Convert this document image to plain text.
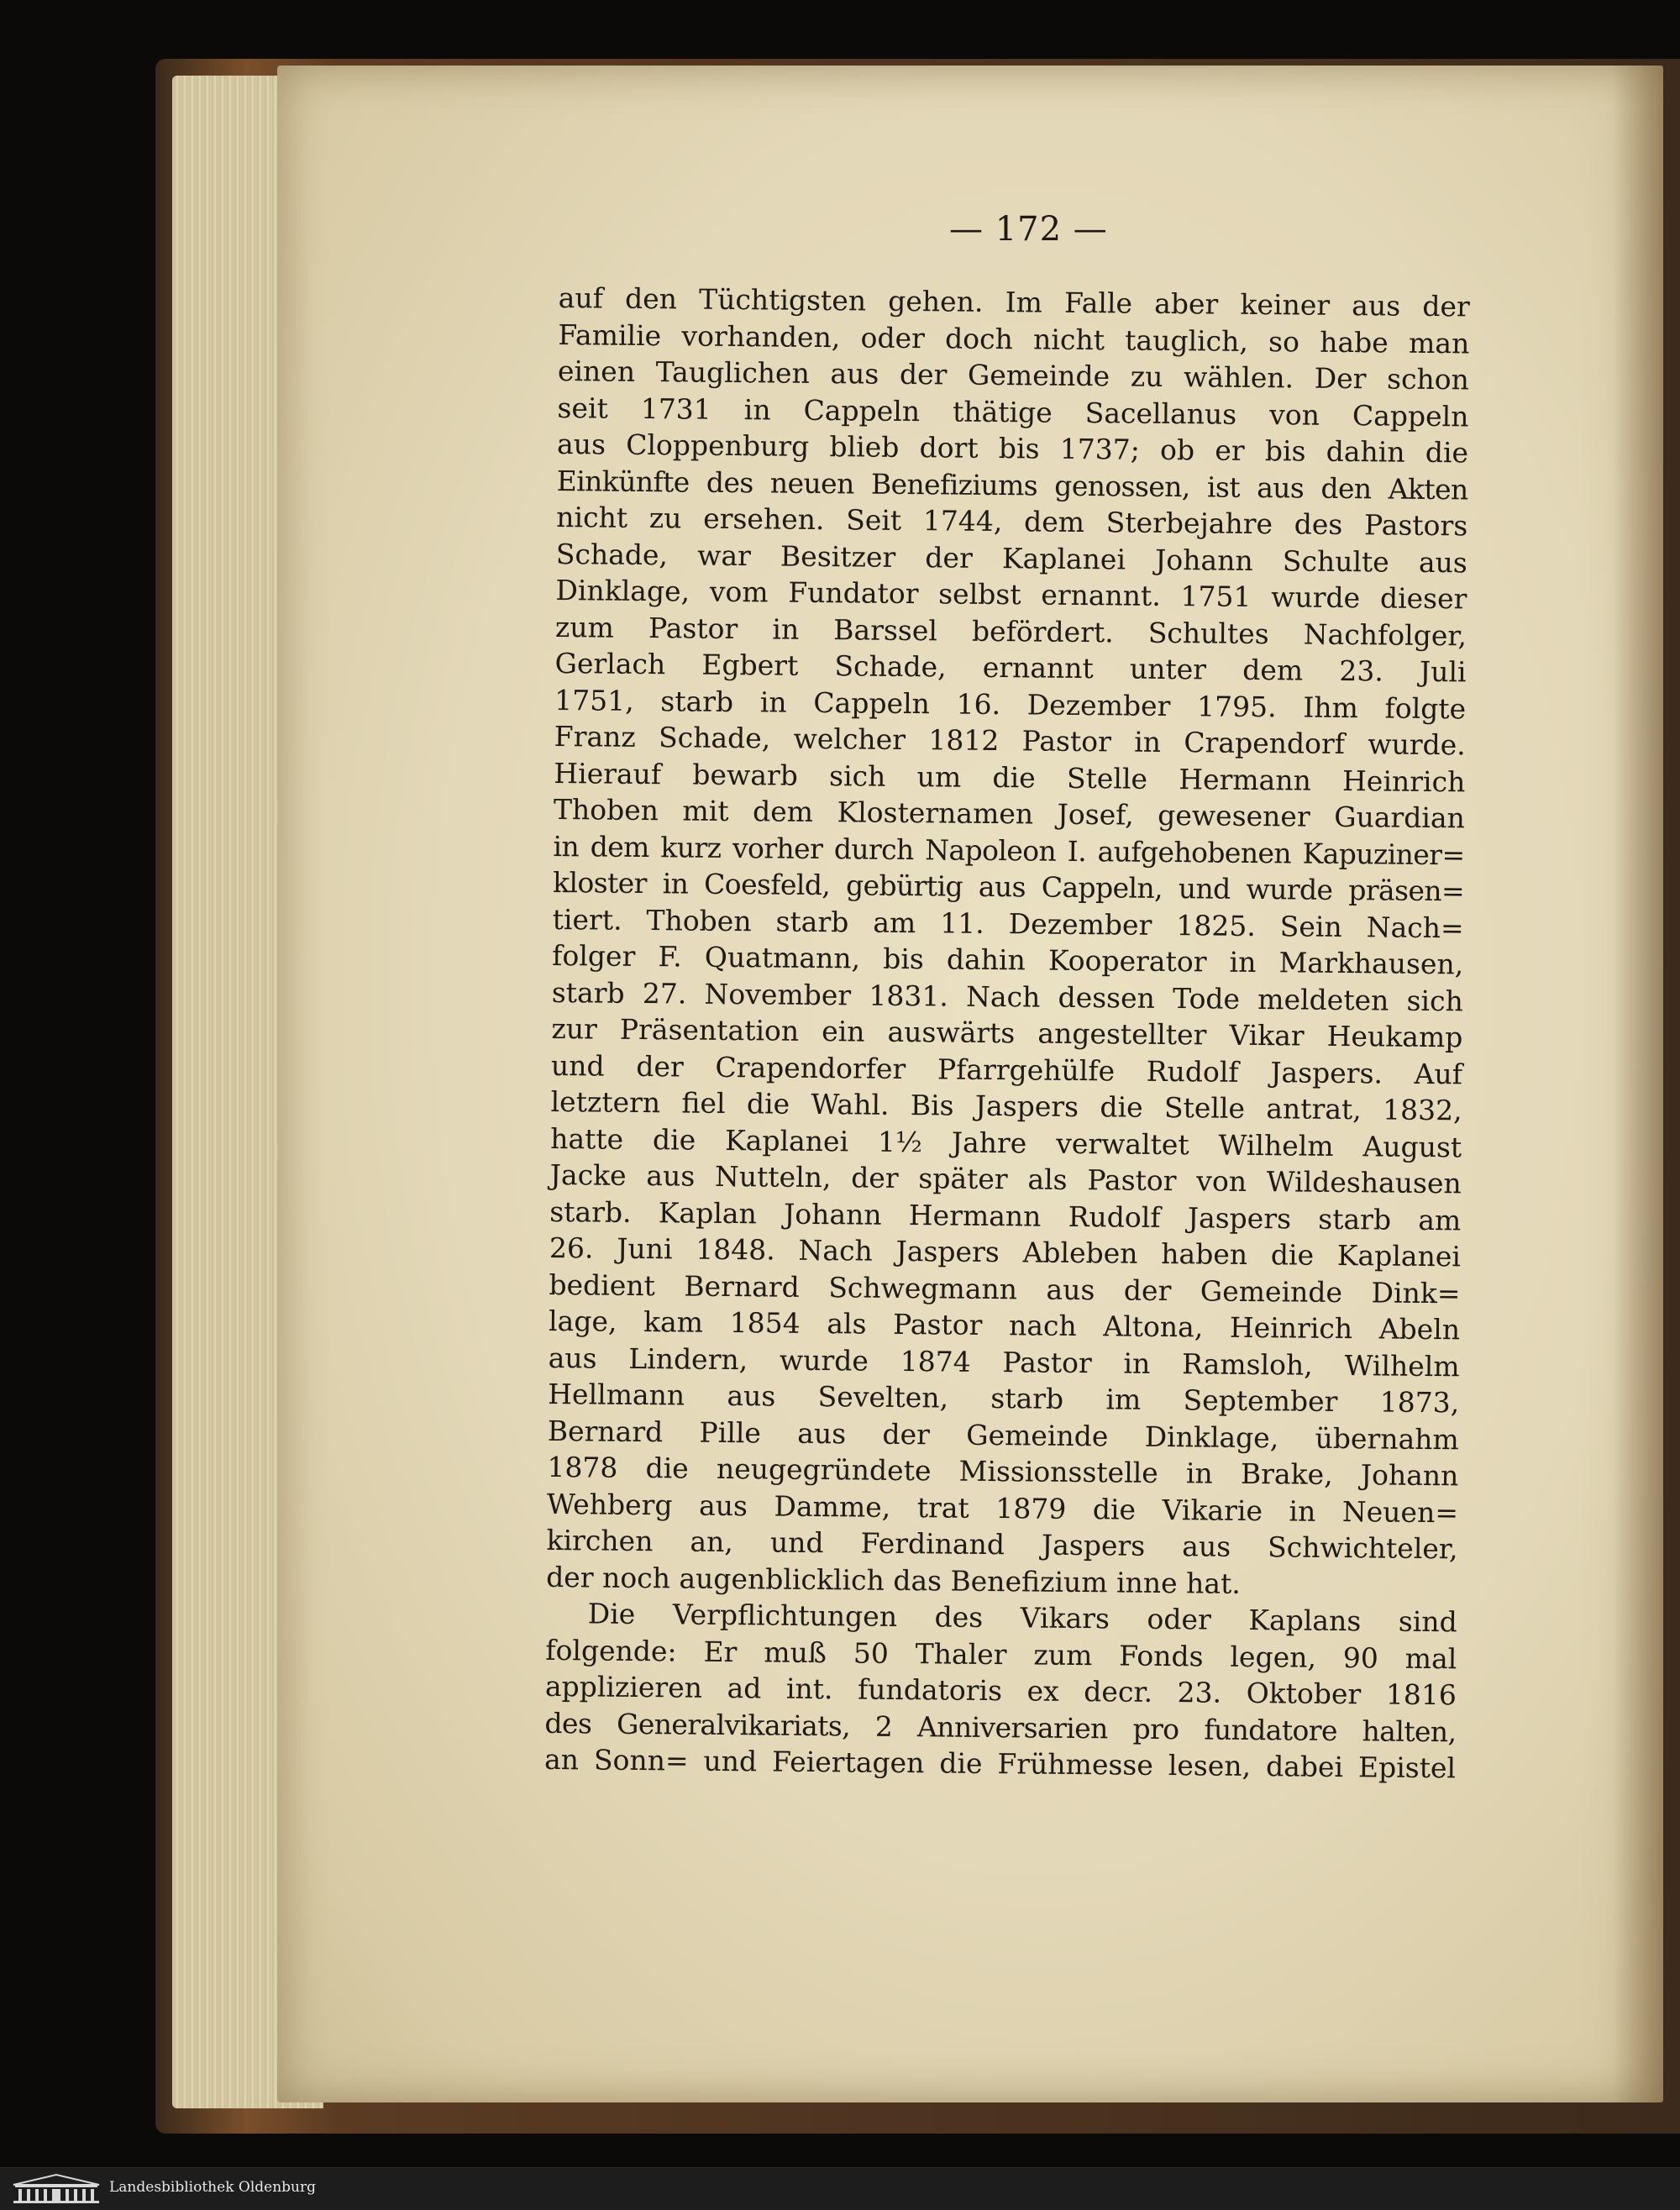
— 172 —
auf den Tüchtigsten gehen. Im Falle aber keiner aus der
Familie vorhanden, oder doch nicht tauglich, so habe man
einen Tauglichen aus der Gemeinde zu wählen. Der schon
seit 1731 in Cappeln thätige Sacellanus von Cappeln
aus Cloppenburg blieb dort bis 1737; ob er bis dahin die
Einkünfte des neuen Benefiziums genossen, ist aus den Akten
nicht zu ersehen. Seit 1744, dem Sterbejahre des Pastors
Schade, war Besitzer der Kaplanei Johann Schulte aus
Dinklage, vom Fundator selbst ernannt. 1751 wurde dieser
zum Pastor in Barssel befördert. Schultes Nachfolger,
Gerlach Egbert Schade, ernannt unter dem 23. Juli
1751, starb in Cappeln 16. Dezember 1795. Ihm folgte
Franz Schade, welcher 1812 Pastor in Crapendorf wurde.
Hierauf bewarb sich um die Stelle Hermann Heinrich
Thoben mit dem Klosternamen Josef, gewesener Guardian
in dem kurz vorher durch Napoleon I. aufgehobenen Kapuziner=
kloster in Coesfeld, gebürtig aus Cappeln, und wurde präsen=
tiert. Thoben starb am 11. Dezember 1825. Sein Nach=
folger F. Quatmann, bis dahin Kooperator in Markhausen,
starb 27. November 1831. Nach dessen Tode meldeten sich
zur Präsentation ein auswärts angestellter Vikar Heukamp
und der Crapendorfer Pfarrgehülfe Rudolf Jaspers. Auf
letztern fiel die Wahl. Bis Jaspers die Stelle antrat, 1832,
hatte die Kaplanei 1½ Jahre verwaltet Wilhelm August
Jacke aus Nutteln, der später als Pastor von Wildeshausen
starb. Kaplan Johann Hermann Rudolf Jaspers starb am
26. Juni 1848. Nach Jaspers Ableben haben die Kaplanei
bedient Bernard Schwegmann aus der Gemeinde Dink=
lage, kam 1854 als Pastor nach Altona, Heinrich Abeln
aus Lindern, wurde 1874 Pastor in Ramsloh, Wilhelm
Hellmann aus Sevelten, starb im September 1873,
Bernard Pille aus der Gemeinde Dinklage, übernahm
1878 die neugegründete Missionsstelle in Brake, Johann
Wehberg aus Damme, trat 1879 die Vikarie in Neuen=
kirchen an, und Ferdinand Jaspers aus Schwichteler,
der noch augenblicklich das Benefizium inne hat.
Die Verpflichtungen des Vikars oder Kaplans sind
folgende: Er muß 50 Thaler zum Fonds legen, 90 mal
applizieren ad int. fundatoris ex decr. 23. Oktober 1816
des Generalvikariats, 2 Anniversarien pro fundatore halten,
an Sonn= und Feiertagen die Frühmesse lesen, dabei Epistel
Landesbibliothek Oldenburg
